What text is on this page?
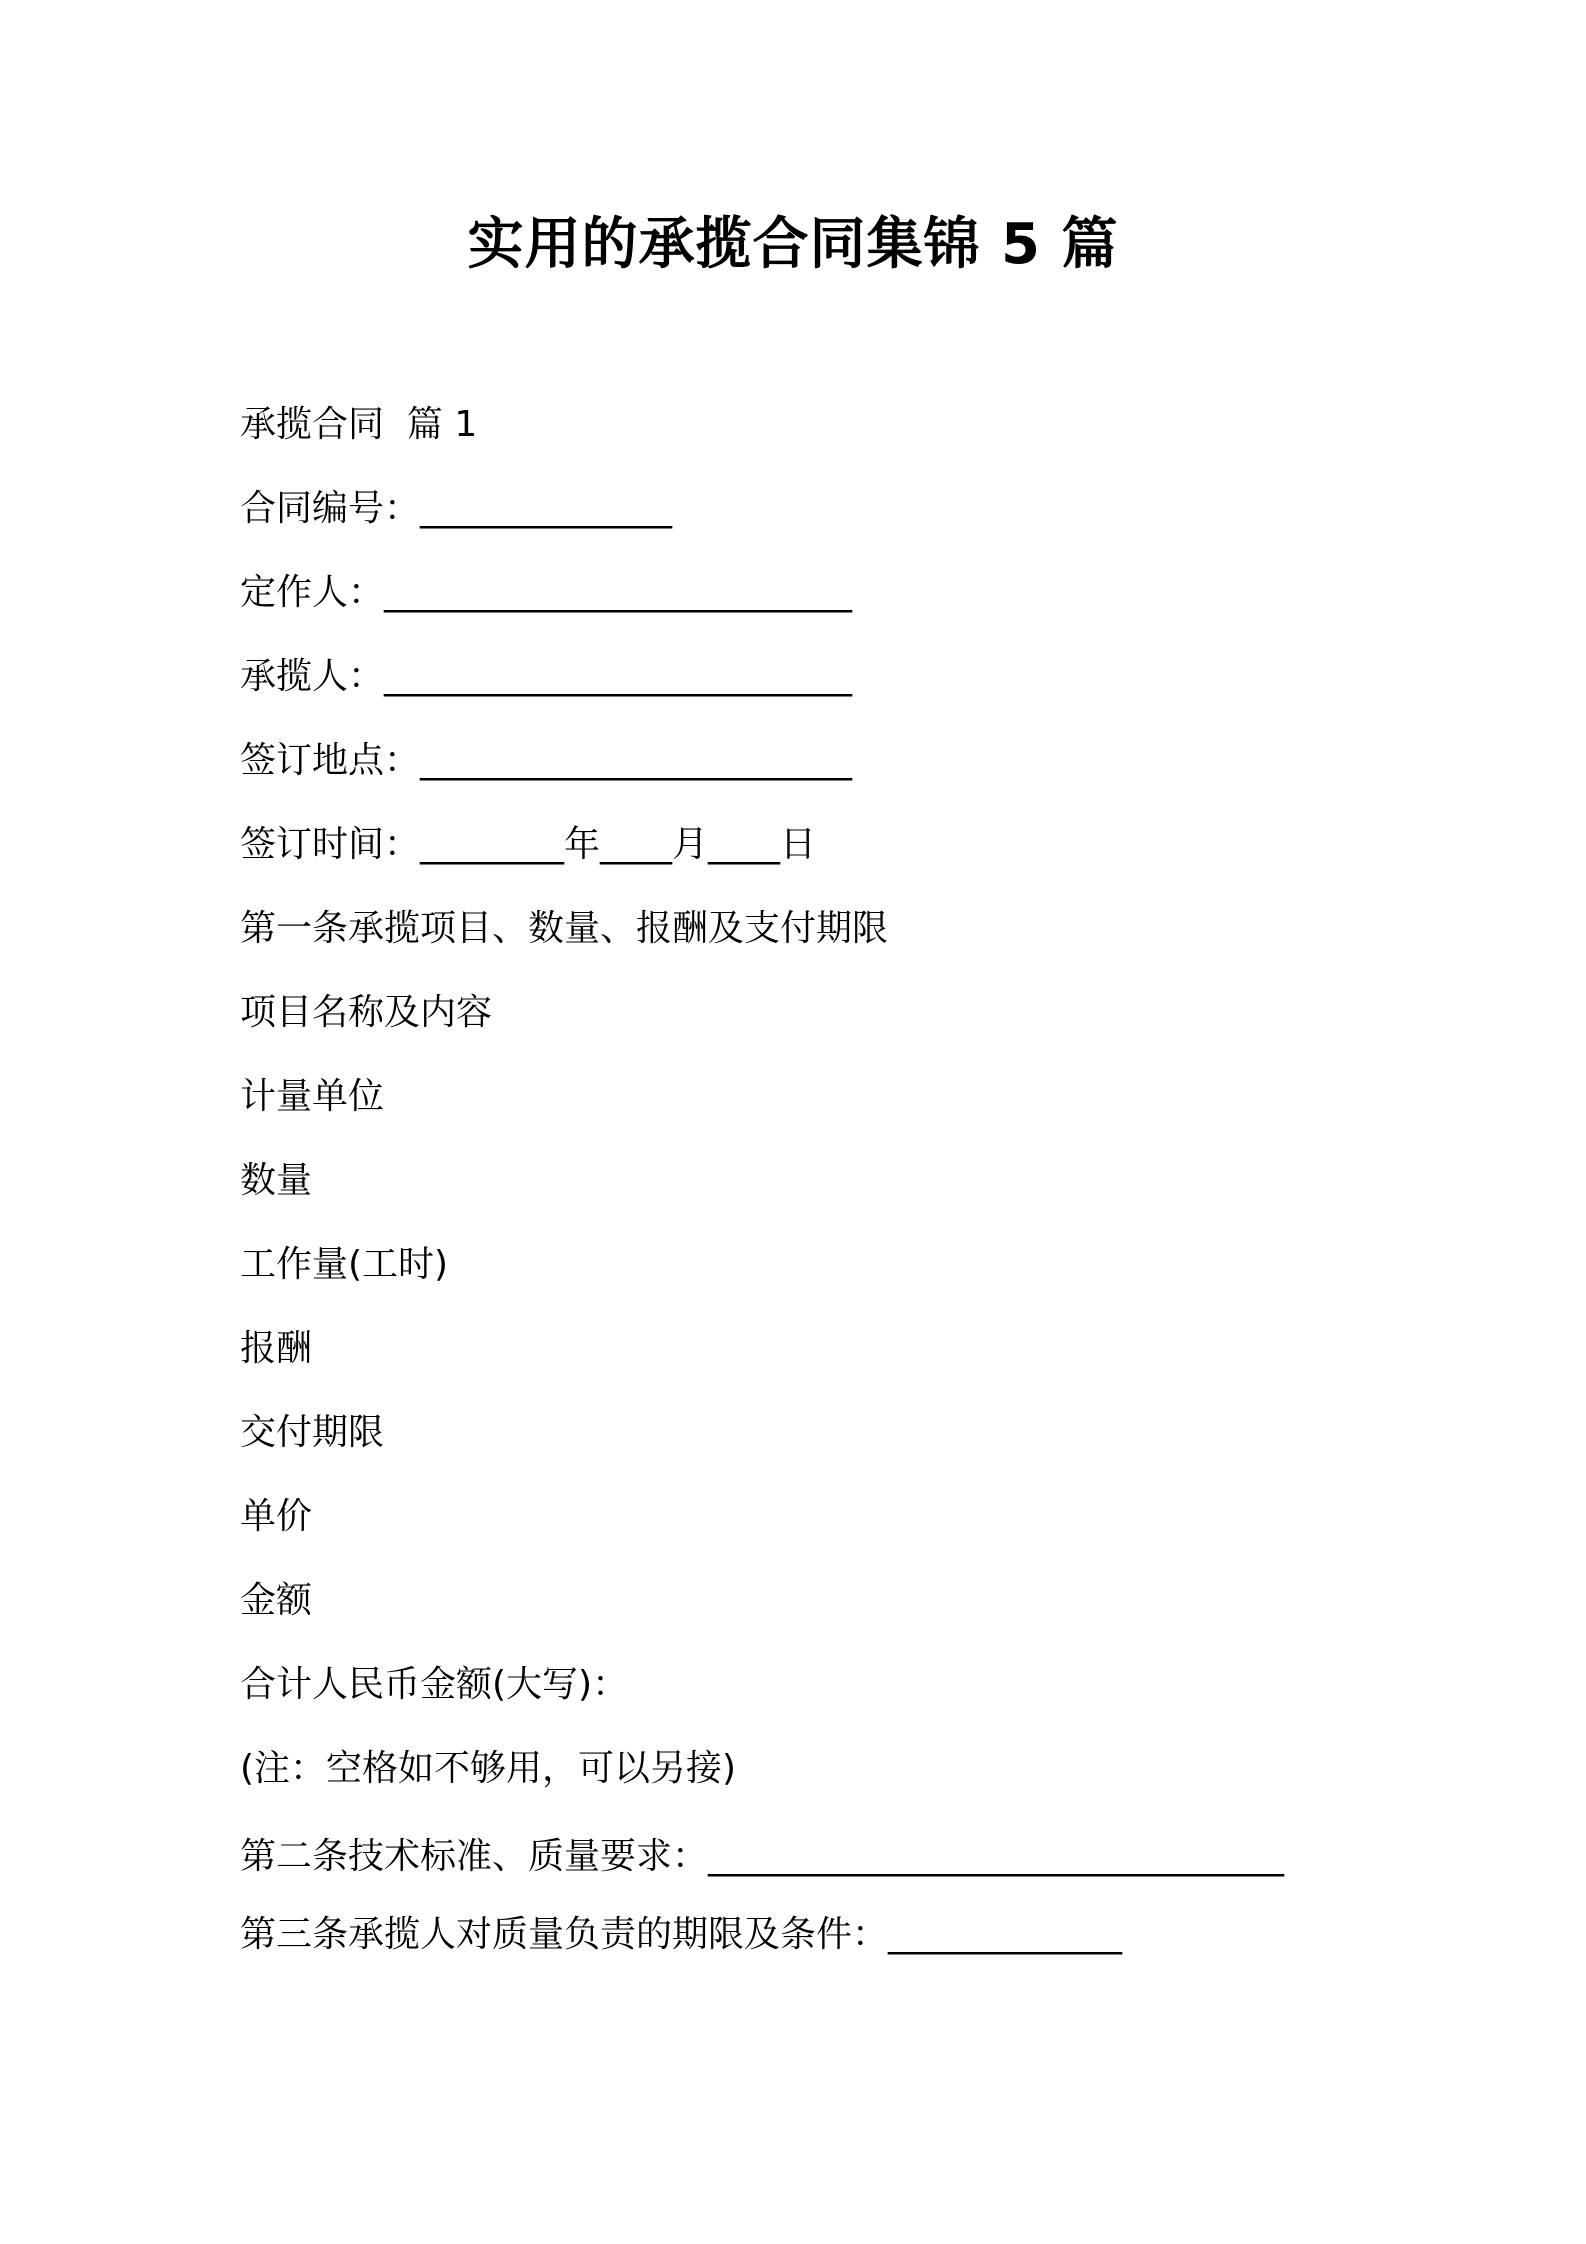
实用的承揽合同集锦 5 篇
承揽合同  篇 1
合同编号：______________
定作人：__________________________
承揽人：__________________________
签订地点：________________________
签订时间：________年____月____日
第一条承揽项目、数量、报酬及支付期限
项目名称及内容
计量单位
数量
工作量(工时)
报酬
交付期限
单价
金额
合计人民币金额(大写)：
(注：空格如不够用，可以另接)
第二条技术标准、质量要求：________________________________
第三条承揽人对质量负责的期限及条件：_____________
